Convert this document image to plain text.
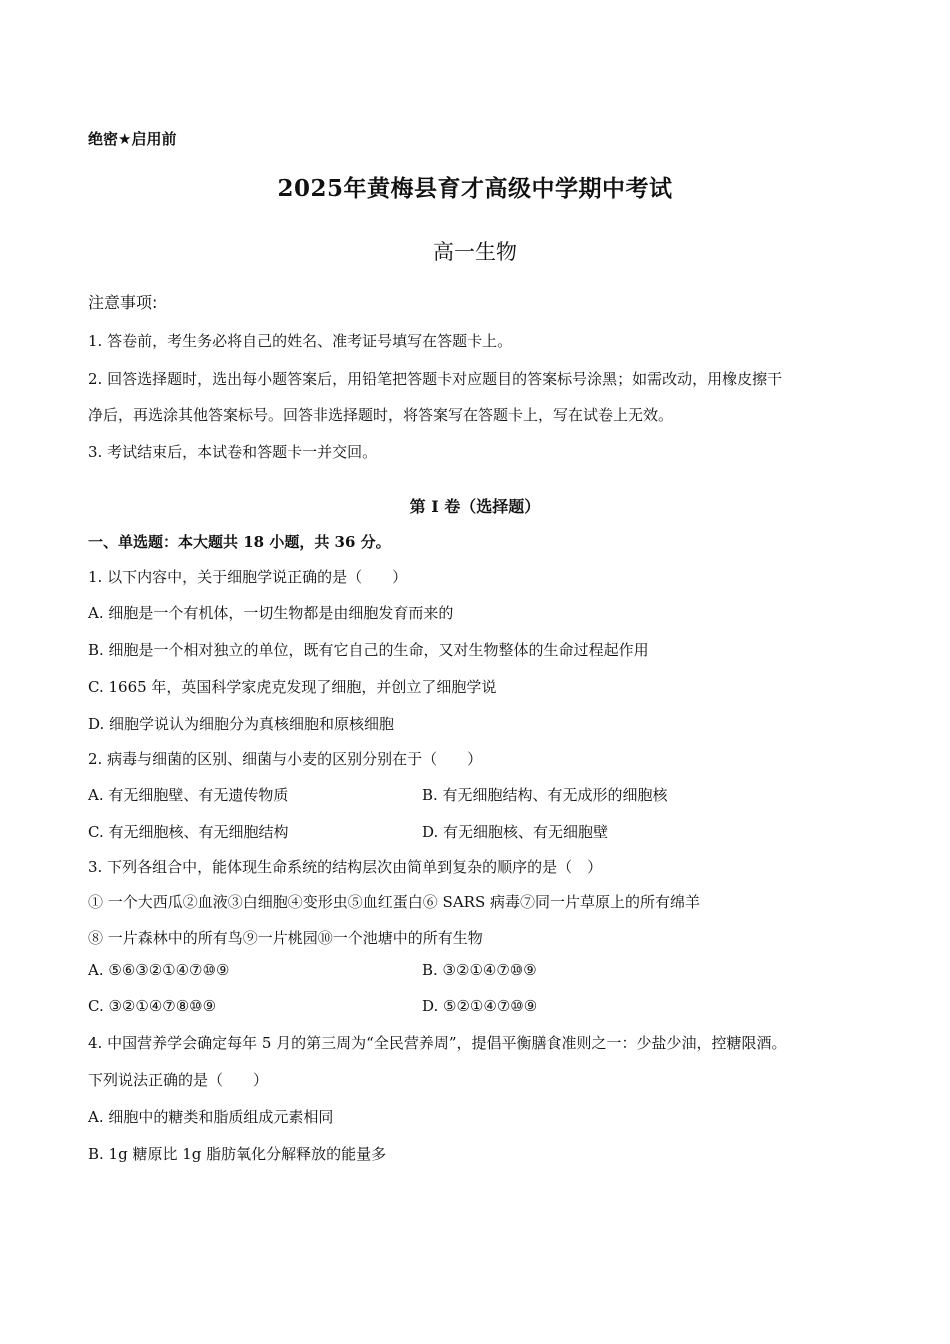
绝密★启用前
2025年黄梅县育才高级中学期中考试
高一生物
注意事项:
1. 答卷前，考生务必将自己的姓名、准考证号填写在答题卡上。
2. 回答选择题时，选出每小题答案后，用铅笔把答题卡对应题目的答案标号涂黑；如需改动，用橡皮擦干
净后，再选涂其他答案标号。回答非选择题时，将答案写在答题卡上，写在试卷上无效。
3. 考试结束后，本试卷和答题卡一并交回。
第 I 卷（选择题）
一、单选题：本大题共 18 小题，共 36 分。
1. 以下内容中，关于细胞学说正确的是（　　）
A. 细胞是一个有机体，一切生物都是由细胞发育而来的
B. 细胞是一个相对独立的单位，既有它自己的生命，又对生物整体的生命过程起作用
C. 1665 年，英国科学家虎克发现了细胞，并创立了细胞学说
D. 细胞学说认为细胞分为真核细胞和原核细胞
2. 病毒与细菌的区别、细菌与小麦的区别分别在于（　　）
A. 有无细胞壁、有无遗传物质	B. 有无细胞结构、有无成形的细胞核
C. 有无细胞核、有无细胞结构	D. 有无细胞核、有无细胞壁
3. 下列各组合中，能体现生命系统的结构层次由简单到复杂的顺序的是（　）
① 一个大西瓜②血液③白细胞④变形虫⑤血红蛋白⑥ SARS 病毒⑦同一片草原上的所有绵羊
⑧ 一片森林中的所有鸟⑨一片桃园⑩一个池塘中的所有生物
A. ⑤⑥③②①④⑦⑩⑨	B. ③②①④⑦⑩⑨
C. ③②①④⑦⑧⑩⑨	D. ⑤②①④⑦⑩⑨
4. 中国营养学会确定每年 5 月的第三周为“全民营养周”，提倡平衡膳食准则之一：少盐少油，控糖限酒。
下列说法正确的是（　　）
A. 细胞中的糖类和脂质组成元素相同
B. 1g 糖原比 1g 脂肪氧化分解释放的能量多
